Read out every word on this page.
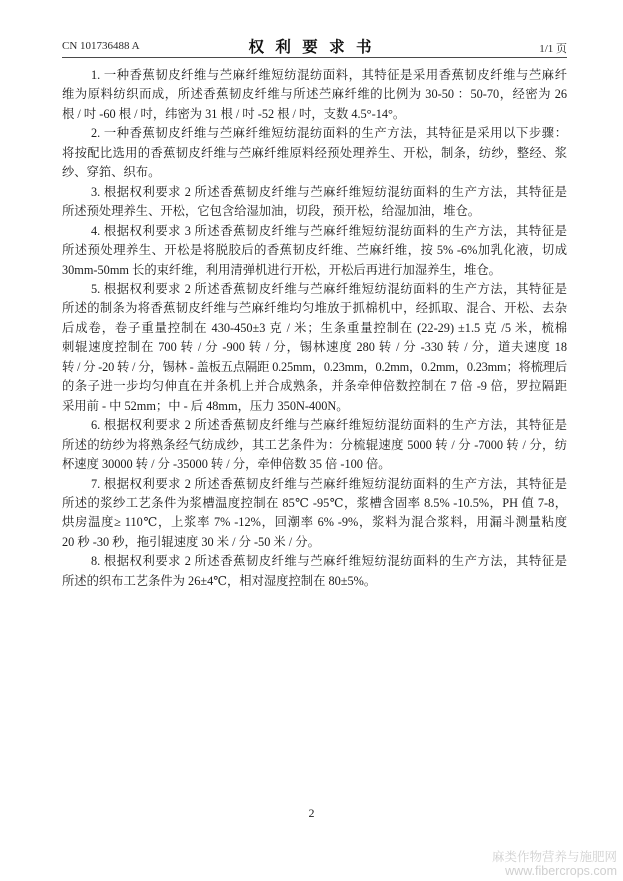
CN 101736488 A	权 利 要 求 书	1/1 页
1. 一种香蕉韧皮纤维与苎麻纤维短纺混纺面料，其特征是采用香蕉韧皮纤维与苎麻纤
维为原料纺织而成，所述香蕉韧皮纤维与所述苎麻纤维的比例为 30-50 ：50-70，经密为 26
根 / 吋 -60 根 / 吋，纬密为 31 根 / 吋 -52 根 / 吋，支数 4.5°-14°。
2. 一种香蕉韧皮纤维与苎麻纤维短纺混纺面料的生产方法，其特征是采用以下步骤：
将按配比选用的香蕉韧皮纤维与苎麻纤维原料经预处理养生、开松，制条，纺纱，整经、浆
纱、穿筘、织布。
3. 根据权利要求 2 所述香蕉韧皮纤维与苎麻纤维短纺混纺面料的生产方法，其特征是
所述预处理养生、开松，它包含给湿加油，切段，预开松，给湿加油，堆仓。
4. 根据权利要求 3 所述香蕉韧皮纤维与苎麻纤维短纺混纺面料的生产方法，其特征是
所述预处理养生、开松是将脱胶后的香蕉韧皮纤维、苎麻纤维，按 5% -6%加乳化液，切成
30mm-50mm 长的束纤维，利用清弹机进行开松，开松后再进行加湿养生，堆仓。
5. 根据权利要求 2 所述香蕉韧皮纤维与苎麻纤维短纺混纺面料的生产方法，其特征是
所述的制条为将香蕉韧皮纤维与苎麻纤维均匀堆放于抓棉机中，经抓取、混合、开松、去杂
后成卷，卷子重量控制在 430-450±3 克 / 米；生条重量控制在 (22-29) ±1.5 克 /5 米，梳棉
刺辊速度控制在 700 转 / 分 -900 转 / 分，锡林速度 280 转 / 分 -330 转 / 分，道夫速度 18
转 / 分 -20 转 / 分，锡林 - 盖板五点隔距 0.25mm，0.23mm，0.2mm，0.2mm，0.23mm；将梳理后
的条子进一步均匀伸直在并条机上并合成熟条，并条牵伸倍数控制在 7 倍 -9 倍，罗拉隔距
采用前 - 中 52mm；中 - 后 48mm，压力 350N-400N。
6. 根据权利要求 2 所述香蕉韧皮纤维与苎麻纤维短纺混纺面料的生产方法，其特征是
所述的纺纱为将熟条经气纺成纱，其工艺条件为：分梳辊速度 5000 转 / 分 -7000 转 / 分，纺
杯速度 30000 转 / 分 -35000 转 / 分，牵伸倍数 35 倍 -100 倍。
7. 根据权利要求 2 所述香蕉韧皮纤维与苎麻纤维短纺混纺面料的生产方法，其特征是
所述的浆纱工艺条件为浆槽温度控制在 85℃ -95℃，浆槽含固率 8.5% -10.5%，PH 值 7-8，
烘房温度≥ 110℃，上浆率 7% -12%，回潮率 6% -9%，浆料为混合浆料，用漏斗测量粘度
20 秒 -30 秒，拖引辊速度 30 米 / 分 -50 米 / 分。
8. 根据权利要求 2 所述香蕉韧皮纤维与苎麻纤维短纺混纺面料的生产方法，其特征是
所述的织布工艺条件为 26±4℃，相对湿度控制在 80±5%。
2
麻类作物营养与施肥网
www.fibercrops.com
